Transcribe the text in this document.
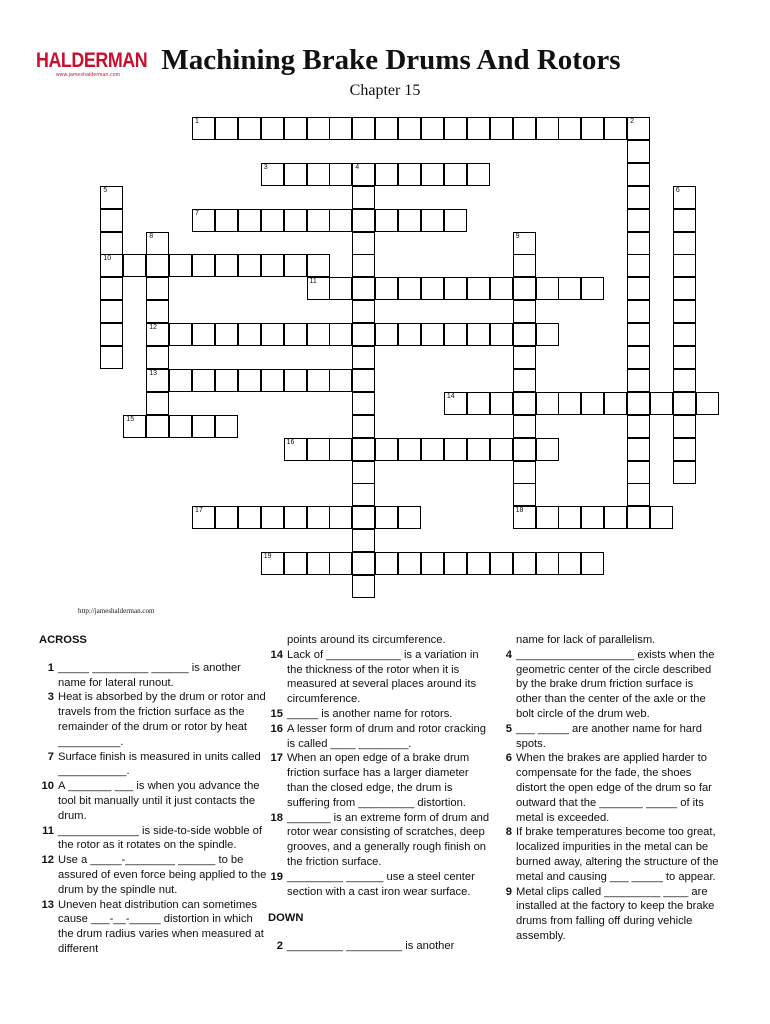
HALDERMAN
www.jameshalderman.com	Machining Brake Drums And Rotors
Chapter 15
1	2
3	4
5
10
6
7
8
12
13
9
18
11
14
15
16
17
19
http://jameshalderman.com
ACROSS
1 _____ _________ ______ is another name for lateral runout.
3 Heat is absorbed by the drum or rotor and travels from the friction surface as the remainder of the drum or rotor by heat __________.
7 Surface finish is measured in units called ___________.
10 A _______ ___ is when you advance the tool bit manually until it just contacts the drum.
11 _____________ is side-to-side wobble of the rotor as it rotates on the spindle.
12 Use a _____-________ ______ to be assured of even force being applied to the drum by the spindle nut.
13 Uneven heat distribution can sometimes cause ___-__-_____ distortion in which the drum radius varies when measured at different
points around its circumference.
14 Lack of ____________ is a variation in the thickness of the rotor when it is measured at several places around its circumference.
15 _____ is another name for rotors.
16 A lesser form of drum and rotor cracking is called ____ ________.
17 When an open edge of a brake drum friction surface has a larger diameter than the closed edge, the drum is suffering from _________ distortion.
18 _______ is an extreme form of drum and rotor wear consisting of scratches, deep grooves, and a generally rough finish on the friction surface.
19 _________ ______ use a steel center section with a cast iron wear surface.
DOWN
2 _________ _________ is another
name for lack of parallelism.
4 ___________________ exists when the geometric center of the circle described by the brake drum friction surface is other than the center of the axle or the bolt circle of the drum web.
5 ___ _____ are another name for hard spots.
6 When the brakes are applied harder to compensate for the fade, the shoes distort the open edge of the drum so far outward that the _______ _____ of its metal is exceeded.
8 If brake temperatures become too great, localized impurities in the metal can be burned away, altering the structure of the metal and causing ___ _____ to appear.
9 Metal clips called _________ ____ are installed at the factory to keep the brake drums from falling off during vehicle assembly.
